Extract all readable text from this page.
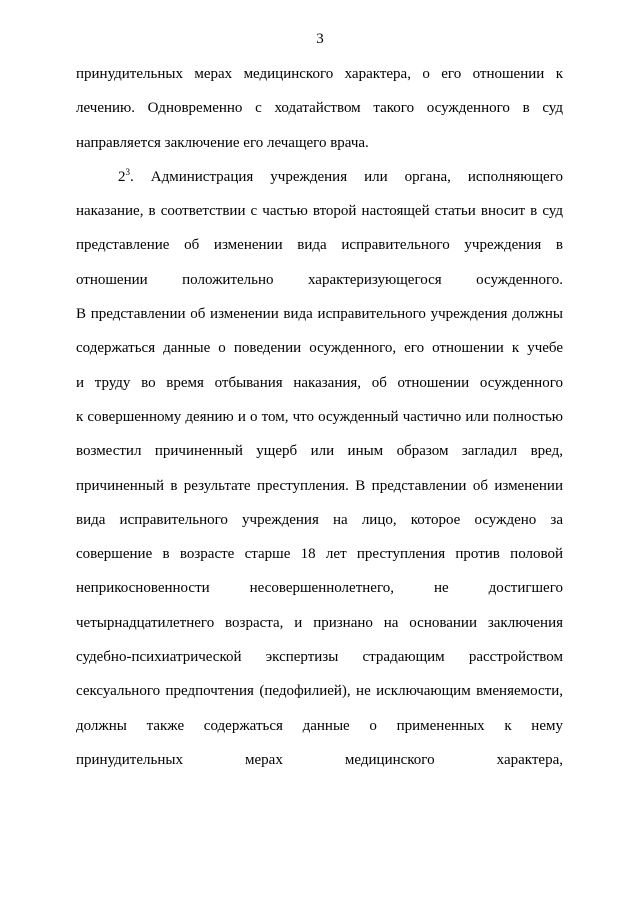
3
принудительных мерах медицинского характера, о его отношении к
лечению. Одновременно с ходатайством такого осужденного в суд
направляется заключение его лечащего врача.
$2^3$. Администрация учреждения или органа, исполняющего
наказание, в соответствии с частью второй настоящей статьи вносит в суд
представление об изменении вида исправительного учреждения в
отношении положительно характеризующегося осужденного.
В представлении об изменении вида исправительного учреждения должны
содержаться данные о поведении осужденного, его отношении к учебе
и труду во время отбывания наказания, об отношении осужденного
к совершенному деянию и о том, что осужденный частично или полностью
возместил причиненный ущерб или иным образом загладил вред,
причиненный в результате преступления. В представлении об изменении
вида исправительного учреждения на лицо, которое осуждено за
совершение в возрасте старше 18 лет преступления против половой
неприкосновенности несовершеннолетнего, не достигшего
четырнадцатилетнего возраста, и признано на основании заключения
судебно-психиатрической экспертизы страдающим расстройством
сексуального предпочтения (педофилией), не исключающим вменяемости,
должны также содержаться данные о примененных к нему
принудительных мерах медицинского характера,
